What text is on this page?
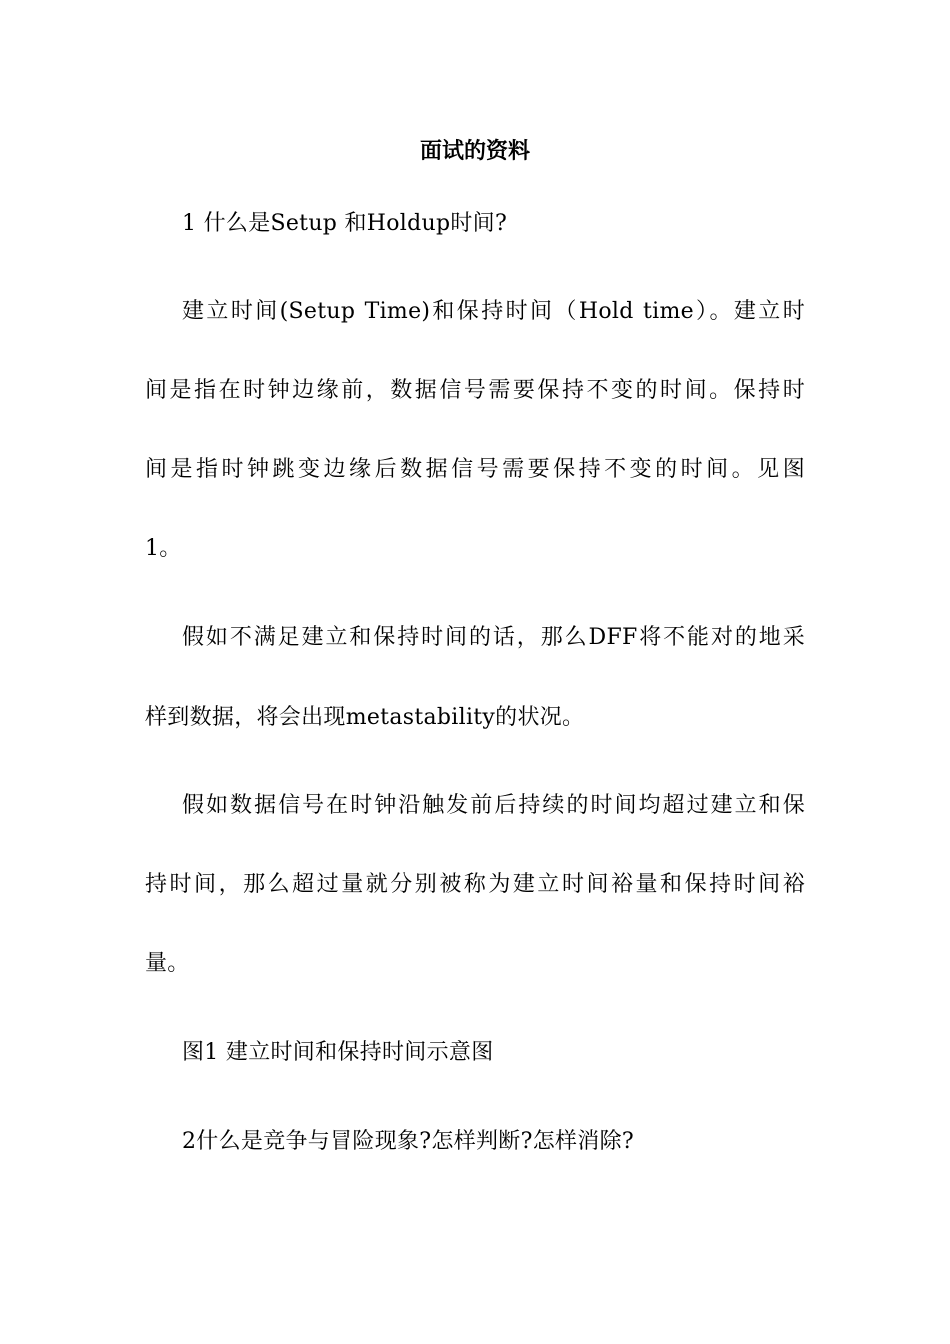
面试的资料
1 什么是Setup 和Holdup时间?
建立时间(Setup Time)和保持时间（Hold time）。建立时
间是指在时钟边缘前，数据信号需要保持不变的时间。保持时
间是指时钟跳变边缘后数据信号需要保持不变的时间。见图
1。
假如不满足建立和保持时间的话，那么DFF将不能对的地采
样到数据，将会出现metastability的状况。
假如数据信号在时钟沿触发前后持续的时间均超过建立和保
持时间，那么超过量就分别被称为建立时间裕量和保持时间裕
量。
图1 建立时间和保持时间示意图
2什么是竞争与冒险现象?怎样判断?怎样消除?
